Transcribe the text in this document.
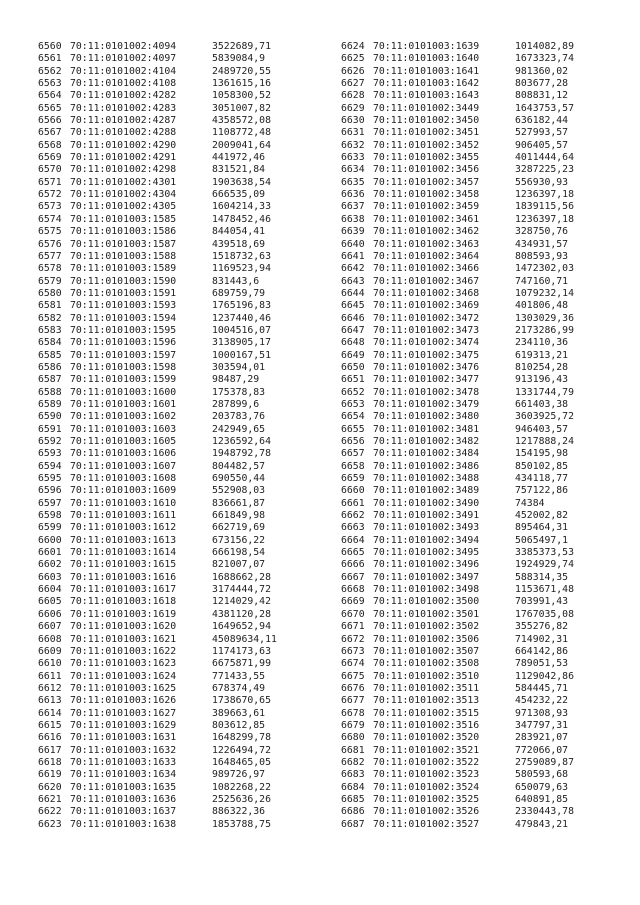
6560 70:11:0101002:4094	3522689,71
6561 70:11:0101002:4097	5839084,9
6562 70:11:0101002:4104	2489720,55
6563 70:11:0101002:4108	1361615,16
6564 70:11:0101002:4282	1058300,52
6565 70:11:0101002:4283	3051007,82
6566 70:11:0101002:4287	4358572,08
6567 70:11:0101002:4288	1108772,48
6568 70:11:0101002:4290	2009041,64
6569 70:11:0101002:4291	441972,46
6570 70:11:0101002:4298	831521,84
6571 70:11:0101002:4301	1903638,54
6572 70:11:0101002:4304	666535,09
6573 70:11:0101002:4305	1604214,33
6574 70:11:0101003:1585	1478452,46
6575 70:11:0101003:1586	844054,41
6576 70:11:0101003:1587	439518,69
6577 70:11:0101003:1588	1518732,63
6578 70:11:0101003:1589	1169523,94
6579 70:11:0101003:1590	831443,6
6580 70:11:0101003:1591	689759,79
6581 70:11:0101003:1593	1765196,83
6582 70:11:0101003:1594	1237440,46
6583 70:11:0101003:1595	1004516,07
6584 70:11:0101003:1596	3138905,17
6585 70:11:0101003:1597	1000167,51
6586 70:11:0101003:1598	303594,01
6587 70:11:0101003:1599	98487,29
6588 70:11:0101003:1600	175378,83
6589 70:11:0101003:1601	287899,6
6590 70:11:0101003:1602	203783,76
6591 70:11:0101003:1603	242949,65
6592 70:11:0101003:1605	1236592,64
6593 70:11:0101003:1606	1948792,78
6594 70:11:0101003:1607	804482,57
6595 70:11:0101003:1608	690550,44
6596 70:11:0101003:1609	552908,03
6597 70:11:0101003:1610	836661,87
6598 70:11:0101003:1611	661849,98
6599 70:11:0101003:1612	662719,69
6600 70:11:0101003:1613	673156,22
6601 70:11:0101003:1614	666198,54
6602 70:11:0101003:1615	821007,07
6603 70:11:0101003:1616	1688662,28
6604 70:11:0101003:1617	3174444,72
6605 70:11:0101003:1618	1214029,42
6606 70:11:0101003:1619	4381120,28
6607 70:11:0101003:1620	1649652,94
6608 70:11:0101003:1621	45089634,11
6609 70:11:0101003:1622	1174173,63
6610 70:11:0101003:1623	6675871,99
6611 70:11:0101003:1624	771433,55
6612 70:11:0101003:1625	678374,49
6613 70:11:0101003:1626	1738670,65
6614 70:11:0101003:1627	389663,61
6615 70:11:0101003:1629	803612,85
6616 70:11:0101003:1631	1648299,78
6617 70:11:0101003:1632	1226494,72
6618 70:11:0101003:1633	1648465,05
6619 70:11:0101003:1634	989726,97
6620 70:11:0101003:1635	1082268,22
6621 70:11:0101003:1636	2525636,26
6622 70:11:0101003:1637	886322,36
6623 70:11:0101003:1638	1853788,75
6624 70:11:0101003:1639	1014082,89
6625 70:11:0101003:1640	1673323,74
6626 70:11:0101003:1641	981360,02
6627 70:11:0101003:1642	803677,28
6628 70:11:0101003:1643	808831,12
6629 70:11:0101002:3449	1643753,57
6630 70:11:0101002:3450	636182,44
6631 70:11:0101002:3451	527993,57
6632 70:11:0101002:3452	906405,57
6633 70:11:0101002:3455	4011444,64
6634 70:11:0101002:3456	3287225,23
6635 70:11:0101002:3457	556930,93
6636 70:11:0101002:3458	1236397,18
6637 70:11:0101002:3459	1839115,56
6638 70:11:0101002:3461	1236397,18
6639 70:11:0101002:3462	328750,76
6640 70:11:0101002:3463	434931,57
6641 70:11:0101002:3464	808593,93
6642 70:11:0101002:3466	1472302,03
6643 70:11:0101002:3467	747160,71
6644 70:11:0101002:3468	1079232,14
6645 70:11:0101002:3469	401806,48
6646 70:11:0101002:3472	1303029,36
6647 70:11:0101002:3473	2173286,99
6648 70:11:0101002:3474	234110,36
6649 70:11:0101002:3475	619313,21
6650 70:11:0101002:3476	810254,28
6651 70:11:0101002:3477	913196,43
6652 70:11:0101002:3478	1331744,79
6653 70:11:0101002:3479	661403,38
6654 70:11:0101002:3480	3603925,72
6655 70:11:0101002:3481	946403,57
6656 70:11:0101002:3482	1217888,24
6657 70:11:0101002:3484	154195,98
6658 70:11:0101002:3486	850102,85
6659 70:11:0101002:3488	434118,77
6660 70:11:0101002:3489	757122,86
6661 70:11:0101002:3490	74384
6662 70:11:0101002:3491	452002,82
6663 70:11:0101002:3493	895464,31
6664 70:11:0101002:3494	5065497,1
6665 70:11:0101002:3495	3385373,53
6666 70:11:0101002:3496	1924929,74
6667 70:11:0101002:3497	588314,35
6668 70:11:0101002:3498	1153671,48
6669 70:11:0101002:3500	703991,43
6670 70:11:0101002:3501	1767035,08
6671 70:11:0101002:3502	355276,82
6672 70:11:0101002:3506	714902,31
6673 70:11:0101002:3507	664142,86
6674 70:11:0101002:3508	789051,53
6675 70:11:0101002:3510	1129042,86
6676 70:11:0101002:3511	584445,71
6677 70:11:0101002:3513	454232,22
6678 70:11:0101002:3515	971308,93
6679 70:11:0101002:3516	347797,31
6680 70:11:0101002:3520	283921,07
6681 70:11:0101002:3521	772066,07
6682 70:11:0101002:3522	2759089,87
6683 70:11:0101002:3523	580593,68
6684 70:11:0101002:3524	650079,63
6685 70:11:0101002:3525	640891,85
6686 70:11:0101002:3526	2330443,78
6687 70:11:0101002:3527	479843,21
